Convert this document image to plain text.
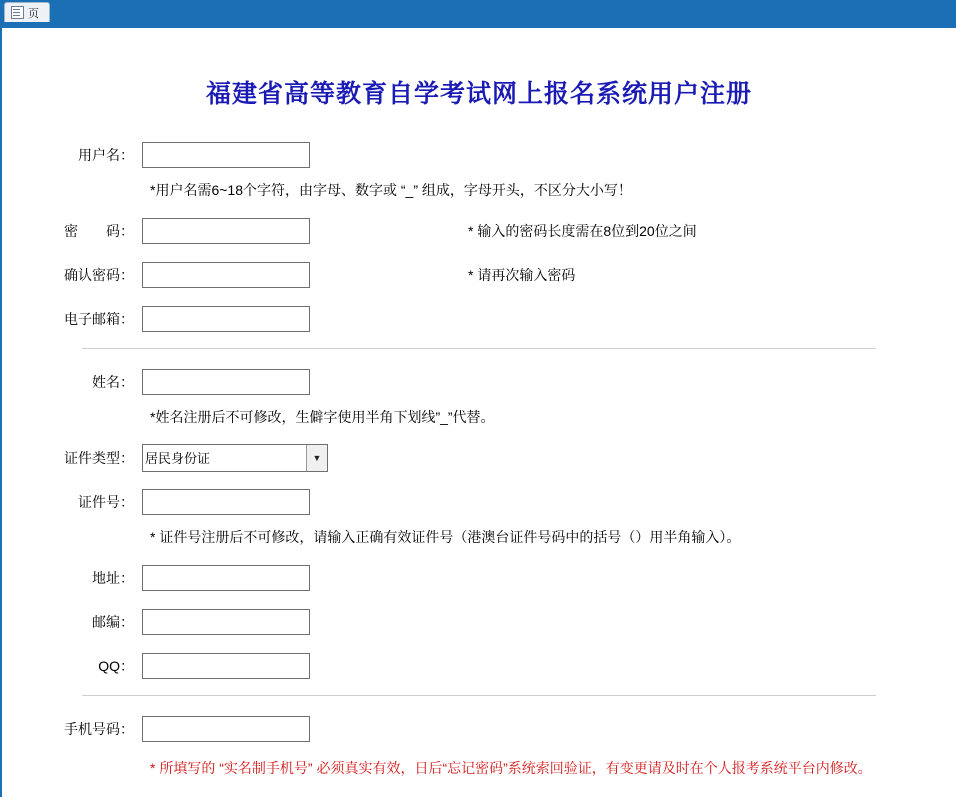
页
福建省高等教育自学考试网上报名系统用户注册
用户名：
*用户名需6~18个字符，由字母、数字或 “_” 组成，字母开头，不区分大小写！
密　　码：	* 输入的密码长度需在8位到20位之间
确认密码：	* 请再次输入密码
电子邮箱：
姓名：
*姓名注册后不可修改，生僻字使用半角下划线”_”代替。
证件类型：
居民身份证	▼
证件号：
* 证件号注册后不可修改，请输入正确有效证件号（港澳台证件号码中的括号（）用半角输入）。
地址：
邮编：
QQ：
手机号码：
* 所填写的 “实名制手机号” 必须真实有效，日后“忘记密码”系统索回验证，有变更请及时在个人报考系统平台内修改。
